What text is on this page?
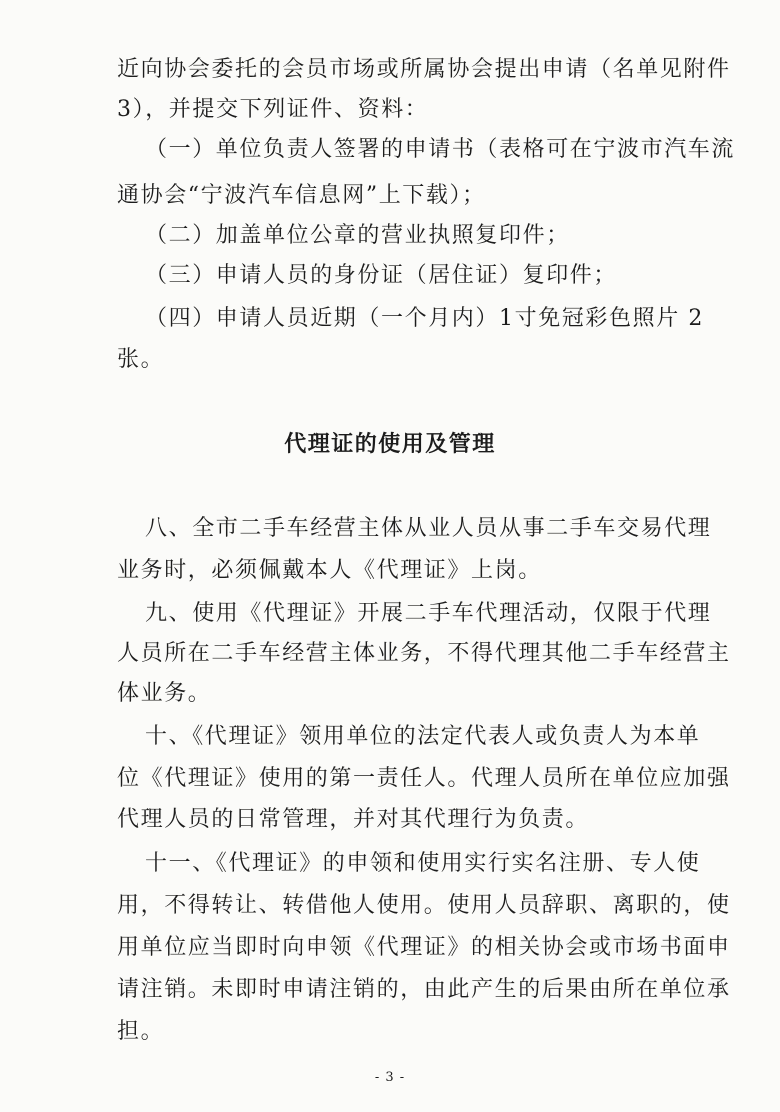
近向协会委托的会员市场或所属协会提出申请（名单见附件
3），并提交下列证件、资料：
（一）单位负责人签署的申请书（表格可在宁波市汽车流
通协会“宁波汽车信息网”上下载）；
（二）加盖单位公章的营业执照复印件；
（三）申请人员的身份证（居住证）复印件；
（四）申请人员近期（一个月内）1寸免冠彩色照片 2
张。
代理证的使用及管理
八、全市二手车经营主体从业人员从事二手车交易代理
业务时，必须佩戴本人《代理证》上岗。
九、使用《代理证》开展二手车代理活动，仅限于代理
人员所在二手车经营主体业务，不得代理其他二手车经营主
体业务。
十、《代理证》领用单位的法定代表人或负责人为本单
位《代理证》使用的第一责任人。代理人员所在单位应加强
代理人员的日常管理，并对其代理行为负责。
十一、《代理证》的申领和使用实行实名注册、专人使
用，不得转让、转借他人使用。使用人员辞职、离职的，使
用单位应当即时向申领《代理证》的相关协会或市场书面申
请注销。未即时申请注销的，由此产生的后果由所在单位承
担。
- 3 -
